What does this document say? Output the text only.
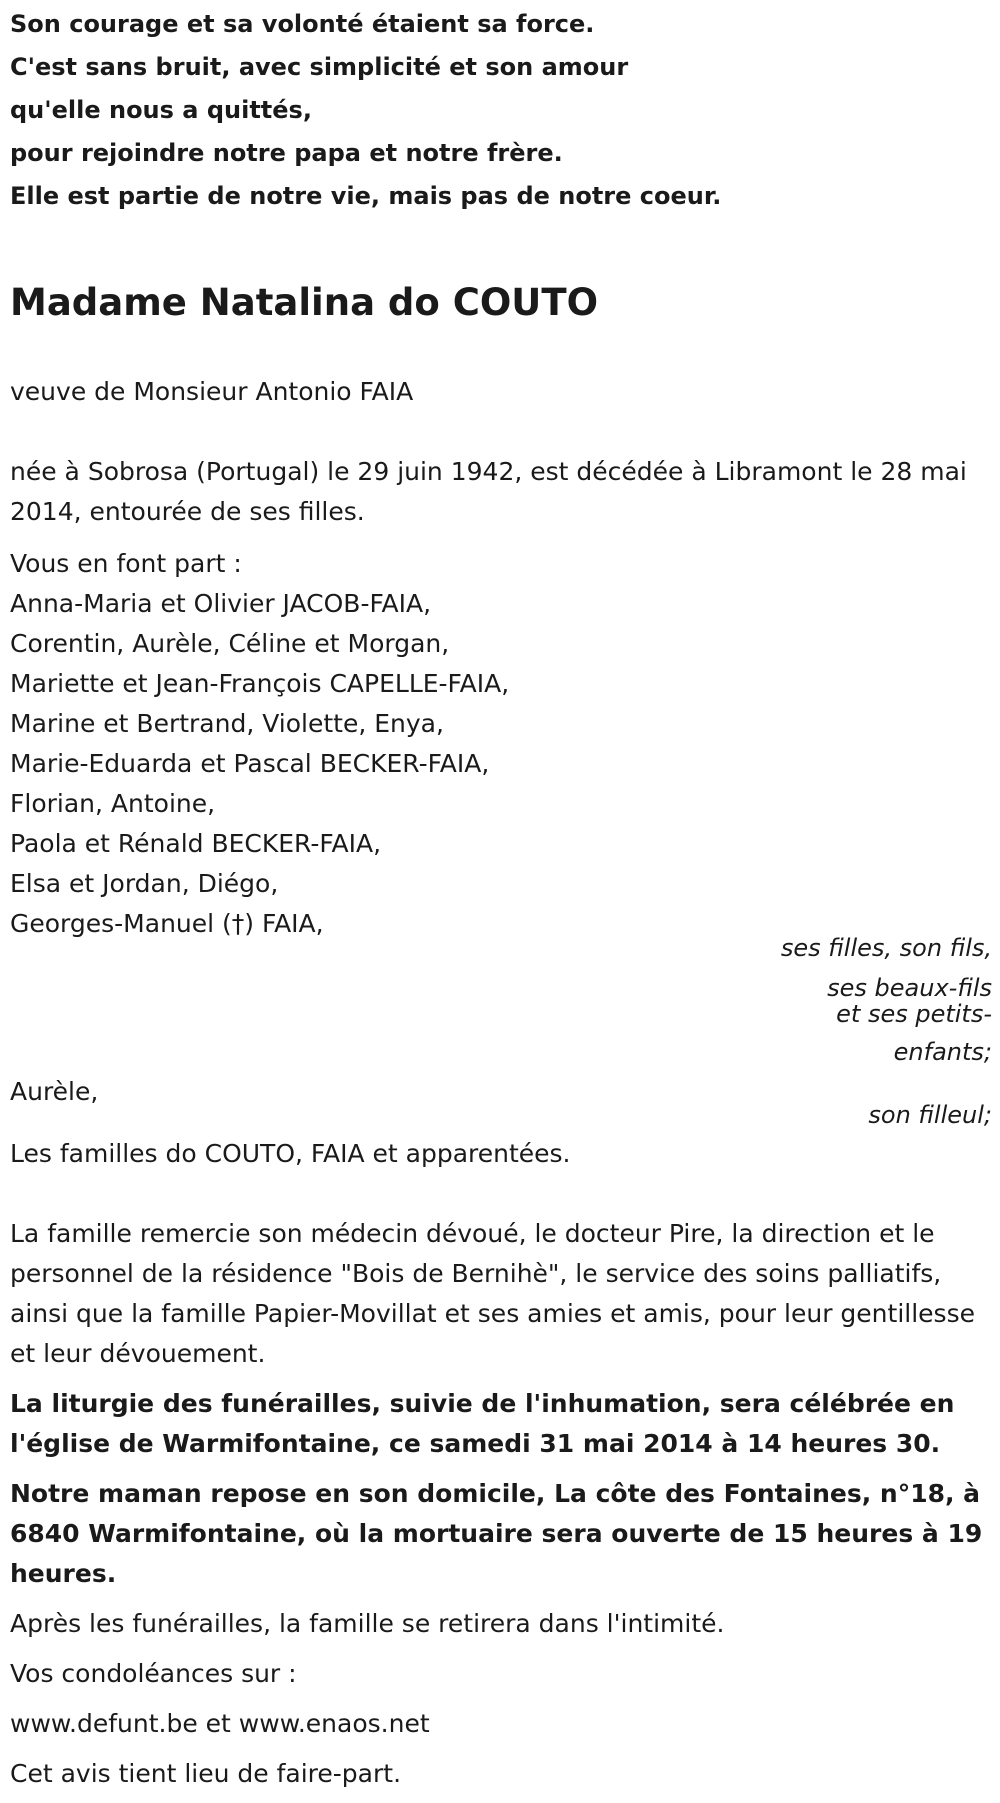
Son courage et sa volonté étaient sa force.
C'est sans bruit, avec simplicité et son amour
qu'elle nous a quittés,
pour rejoindre notre papa et notre frère.
Elle est partie de notre vie, mais pas de notre coeur.
Madame Natalina do COUTO
veuve de Monsieur Antonio FAIA
née à Sobrosa (Portugal) le 29 juin 1942, est décédée à Libramont le 28 mai 2014, entourée de ses filles.
Vous en font part :
Anna-Maria et Olivier JACOB-FAIA,
Corentin, Aurèle, Céline et Morgan,
Mariette et Jean-François CAPELLE-FAIA,
Marine et Bertrand, Violette, Enya,
Marie-Eduarda et Pascal BECKER-FAIA,
Florian, Antoine,
Paola et Rénald BECKER-FAIA,
Elsa et Jordan, Diégo,
Georges-Manuel (†) FAIA,
ses filles, son fils,
ses beaux-fils
et ses petits-
enfants;
Aurèle,
son filleul;
Les familles do COUTO, FAIA et apparentées.
La famille remercie son médecin dévoué, le docteur Pire, la direction et le personnel de la résidence "Bois de Bernihè", le service des soins palliatifs, ainsi que la famille Papier-Movillat et ses amies et amis, pour leur gentillesse et leur dévouement.
La liturgie des funérailles, suivie de l'inhumation, sera célébrée en l'église de Warmifontaine, ce samedi 31 mai 2014 à 14 heures 30.
Notre maman repose en son domicile, La côte des Fontaines, n°18, à 6840 Warmifontaine, où la mortuaire sera ouverte de 15 heures à 19 heures.
Après les funérailles, la famille se retirera dans l'intimité.
Vos condoléances sur :
www.defunt.be et www.enaos.net
Cet avis tient lieu de faire-part.
